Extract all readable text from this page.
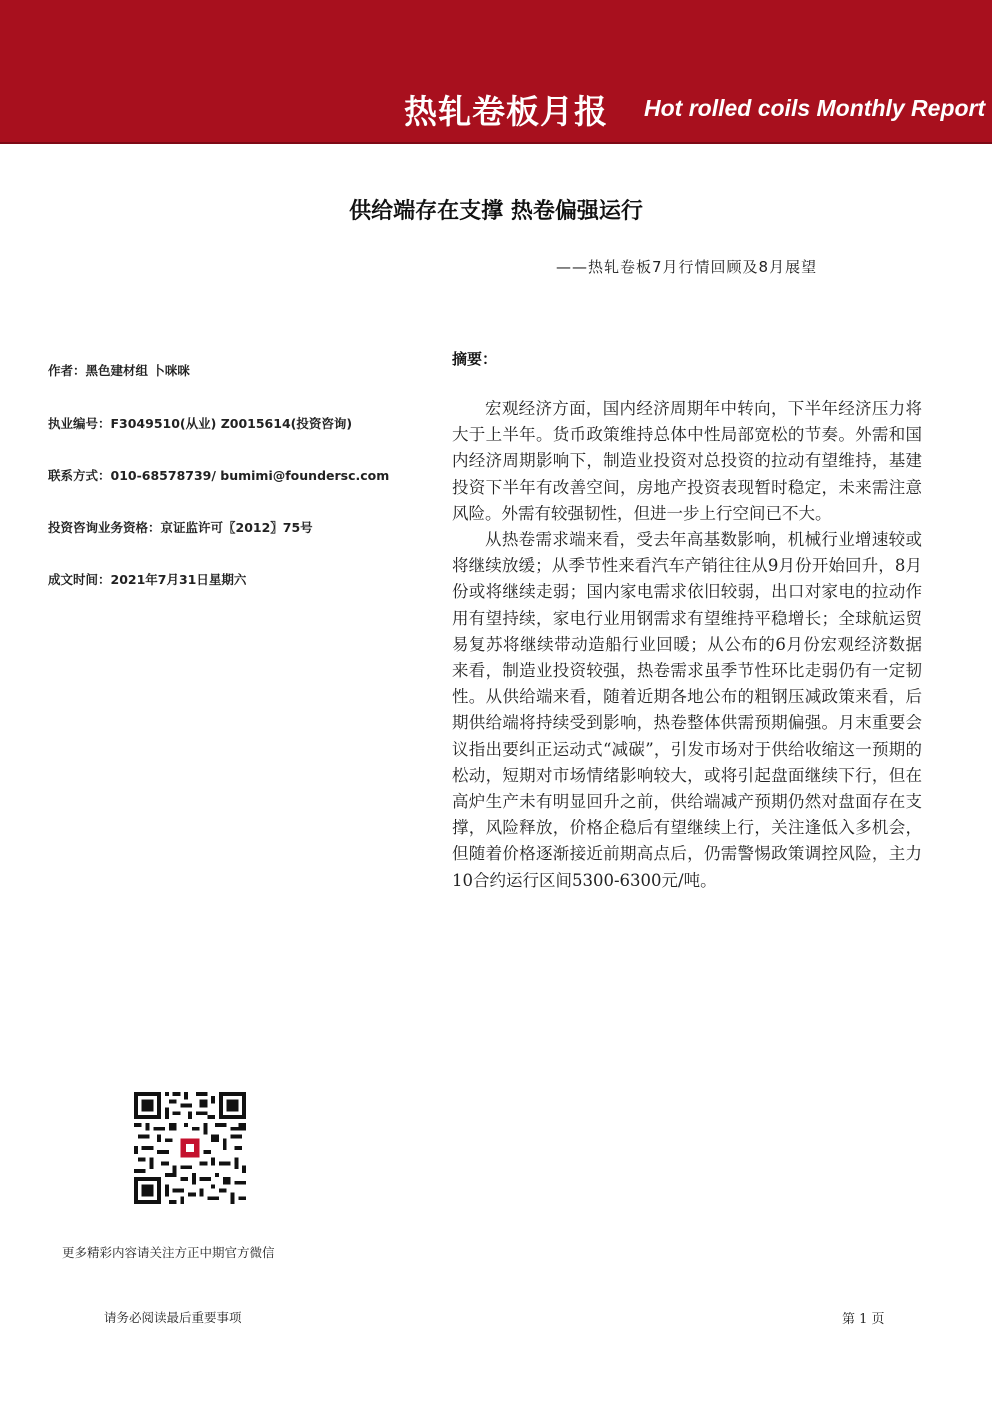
热轧卷板月报 Hot rolled coils Monthly Report
供给端存在支撑 热卷偏强运行
——热轧卷板7月行情回顾及8月展望
作者：黑色建材组 卜咪咪
执业编号：F3049510(从业) Z0015614(投资咨询)
联系方式：010-68578739/ bumimi@foundersc.com
投资咨询业务资格：京证监许可〖2012〗75号
成文时间：2021年7月31日星期六
摘要：

宏观经济方面，国内经济周期年中转向，下半年经济压力将大于上半年。货币政策维持总体中性局部宽松的节奏。外需和国内经济周期影响下，制造业投资对总投资的拉动有望维持，基建投资下半年有改善空间，房地产投资表现暂时稳定，未来需注意风险。外需有较强韧性，但进一步上行空间已不大。

从热卷需求端来看，受去年高基数影响，机械行业增速较或将继续放缓；从季节性来看汽车产销往往从9月份开始回升，8月份或将继续走弱；国内家电需求依旧较弱，出口对家电的拉动作用有望持续，家电行业用钢需求有望维持平稳增长；全球航运贸易复苏将继续带动造船行业回暖；从公布的6月份宏观经济数据来看，制造业投资较强，热卷需求虽季节性环比走弱仍有一定韧性。从供给端来看，随着近期各地公布的粗钢压减政策来看，后期供给端将持续受到影响，热卷整体供需预期偏强。月末重要会议指出要纠正运动式“减碳”，引发市场对于供给收缩这一预期的松动，短期对市场情绪影响较大，或将引起盘面继续下行，但在高炉生产未有明显回升之前，供给端减产预期仍然对盘面存在支撑，风险释放，价格企稳后有望继续上行，关注逢低入多机会，但随着价格逐渐接近前期高点后，仍需警惕政策调控风险，主力10合约运行区间5300-6300元/吨。

更多精彩内容请关注方正中期官方微信
请务必阅读最后重要事项	第 1 页
